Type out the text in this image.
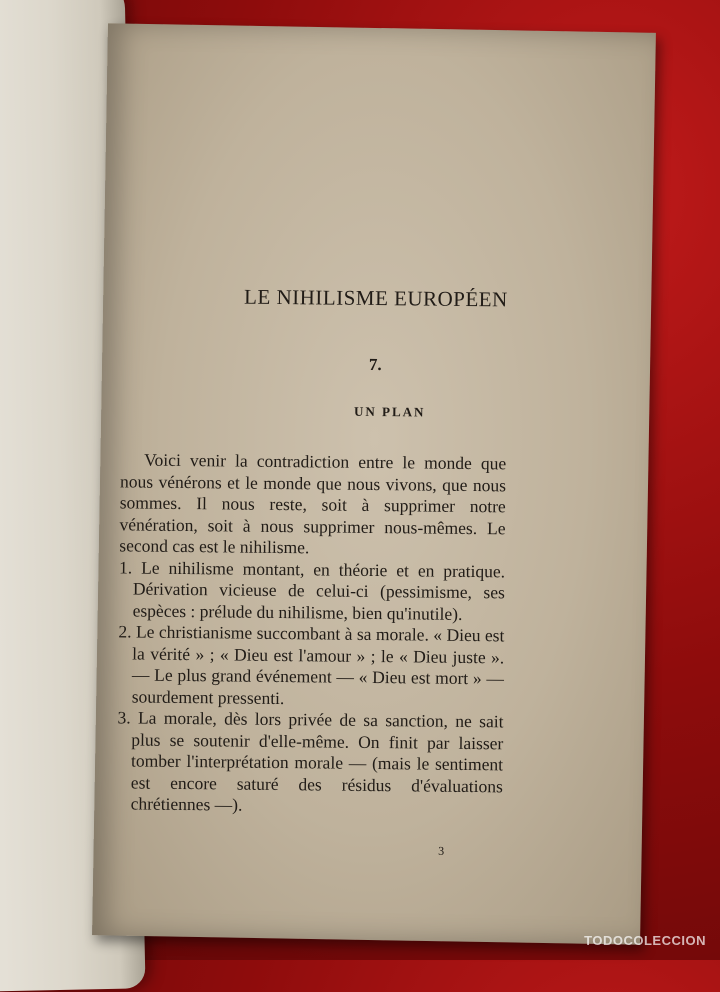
LE NIHILISME EUROPÉEN
7.
UN PLAN

Voici venir la contradiction entre le monde que nous vénérons et le monde que nous vivons, que nous sommes. Il nous reste, soit à supprimer notre vénération, soit à nous supprimer nous-mêmes. Le second cas est le nihilisme.

1. Le nihilisme montant, en théorie et en pratique. Dérivation vicieuse de celui-ci (pessimisme, ses espèces : prélude du nihilisme, bien qu'inutile).

2. Le christianisme succombant à sa morale. « Dieu est la vérité » ; « Dieu est l'amour » ; le « Dieu juste ». — Le plus grand événement — « Dieu est mort » — sourdement pressenti.

3. La morale, dès lors privée de sa sanction, ne sait plus se soutenir d'elle-même. On finit par laisser tomber l'interprétation morale — (mais le sentiment est encore saturé des résidus d'évaluations chrétiennes —).

3
TODOCOLECCION
